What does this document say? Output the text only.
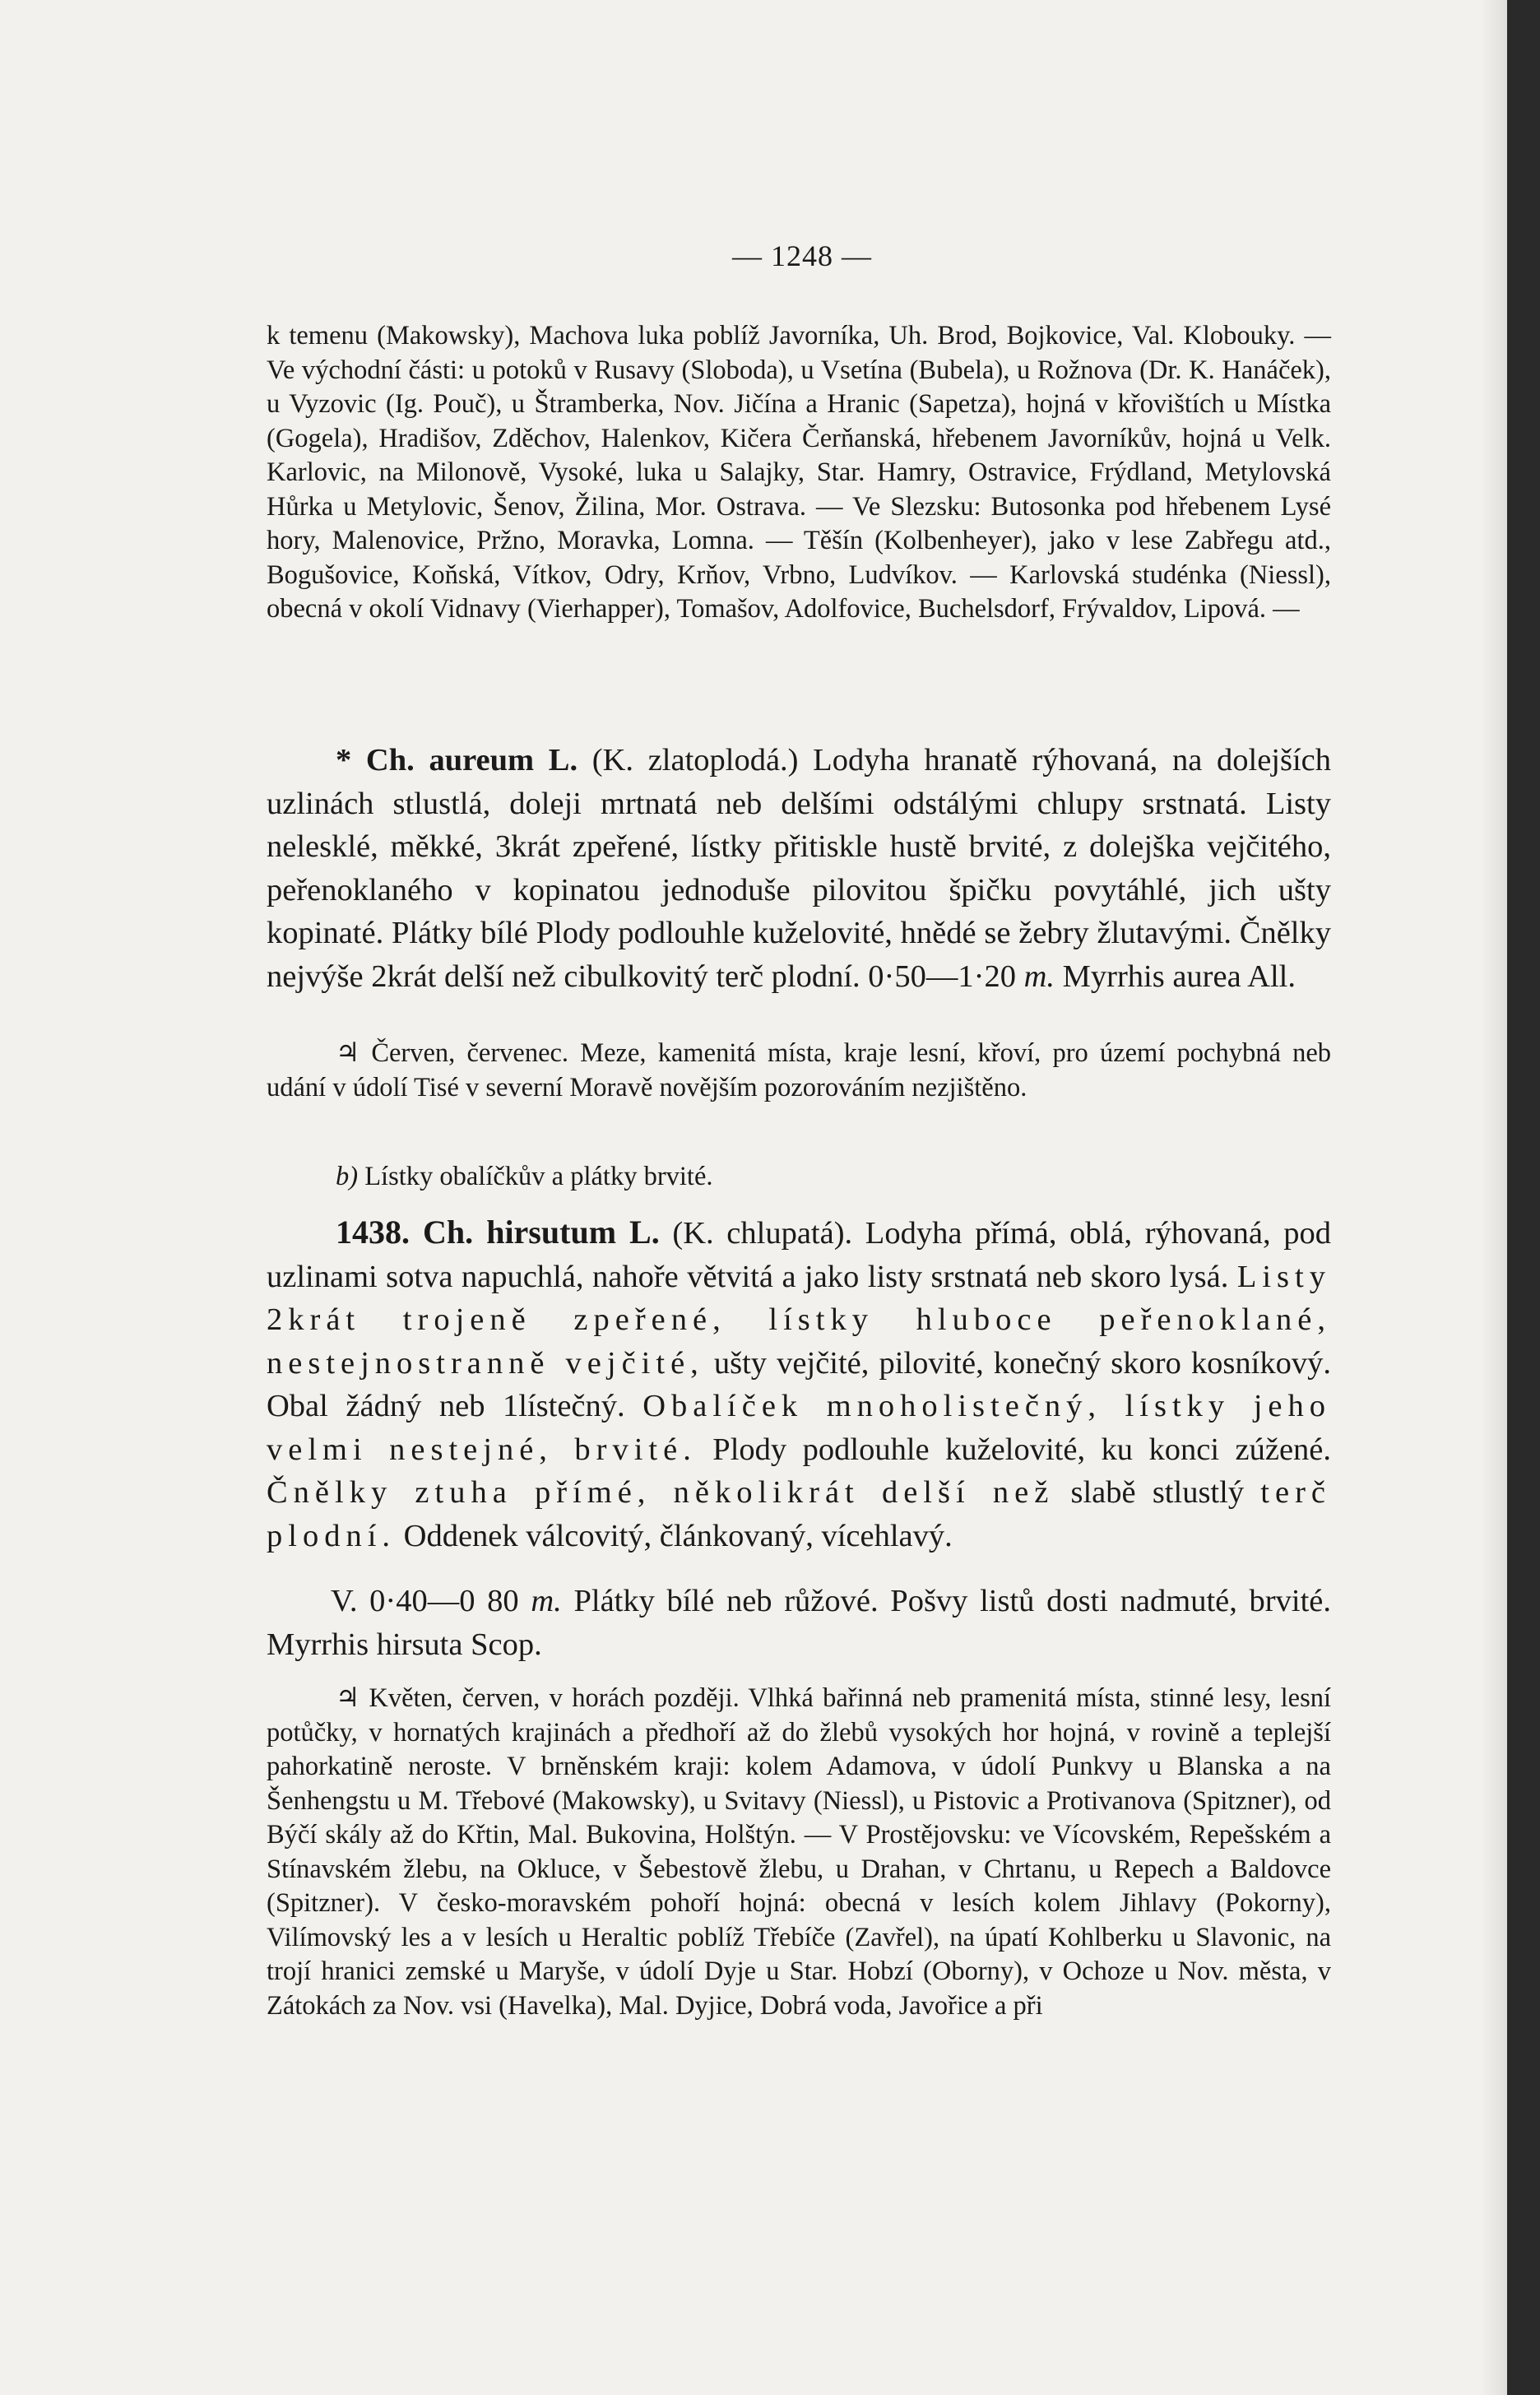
— 1248 —

k temenu (Makowsky), Machova luka poblíž Javorníka, Uh. Brod, Bojkovice, Val. Klobouky. — Ve východní části: u potoků v Rusavy (Sloboda), u Vsetína (Bubela), u Rožnova (Dr. K. Hanáček), u Vyzovic (Ig. Pouč), u Štramberka, Nov. Jičína a Hranic (Sapetza), hojná v křovištích u Místka (Gogela), Hradišov, Zděchov, Halenkov, Kičera Čerňanská, hřebenem Javorníkův, hojná u Velk. Karlovic, na Milonově, Vysoké, luka u Salajky, Star. Hamry, Ostravice, Frýdland, Metylovská Hůrka u Metylovic, Šenov, Žilina, Mor. Ostrava. — Ve Slezsku: Butosonka pod hřebenem Lysé hory, Malenovice, Pržno, Moravka, Lomna. — Těšín (Kolbenheyer), jako v lese Zabřegu atd., Bogušovice, Koňská, Vítkov, Odry, Krňov, Vrbno, Ludvíkov. — Karlovská studénka (Niessl), obecná v okolí Vidnavy (Vierhapper), Tomašov, Adolfovice, Buchelsdorf, Frývaldov, Lipová. —

* Ch. aureum L. (K. zlatoplodá.) Lodyha hranatě rýhovaná, na dolejších uzlinách stlustlá, doleji mrtnatá neb delšími odstálými chlupy srstnatá. Listy nelesklé, měkké, 3krát zpeřené, lístky přitiskle hustě brvité, z dolejška vejčitého, peřenoklaného v kopinatou jednoduše pilovitou špičku povytáhlé, jich ušty kopinaté. Plátky bílé Plody podlouhle kuželovité, hnědé se žebry žlutavými. Čnělky nejvýše 2krát delší než cibulkovitý terč plodní. 0·50—1·20 m. Myrrhis aurea All.

♃ Červen, červenec. Meze, kamenitá místa, kraje lesní, křoví, pro území pochybná neb udání v údolí Tisé v severní Moravě novějším pozorováním nezjištěno.

b) Lístky obalíčkův a plátky brvité.

1438. Ch. hirsutum L. (K. chlupatá). Lodyha přímá, oblá, rýhovaná, pod uzlinami sotva napuchlá, nahoře větvitá a jako listy srstnatá neb skoro lysá. Listy 2krát trojeně zpeřené, lístky hluboce peřenoklané, nestejnostranně vejčité, ušty vejčité, pilovité, konečný skoro kosníkový. Obal žádný neb 1lístečný. Obalíček mnoholistečný, lístky jeho velmi nestejné, brvité. Plody podlouhle kuželovité, ku konci zúžené. Čnělky ztuha přímé, několikrát delší než slabě stlustlý terč plodní. Oddenek válcovitý, článkovaný, vícehlavý.

V. 0·40—0 80 m. Plátky bílé neb růžové. Pošvy listů dosti nadmuté, brvité. Myrrhis hirsuta Scop.

♃ Květen, červen, v horách později. Vlhká bařinná neb pramenitá místa, stinné lesy, lesní potůčky, v hornatých krajinách a předhoří až do žlebů vysokých hor hojná, v rovině a teplejší pahorkatině neroste. V brněnském kraji: kolem Adamova, v údolí Punkvy u Blanska a na Šenhengstu u M. Třebové (Makowsky), u Svitavy (Niessl), u Pistovic a Protivanova (Spitzner), od Býčí skály až do Křtin, Mal. Bukovina, Holštýn. — V Prostějovsku: ve Vícovském, Repešském a Stínavském žlebu, na Okluce, v Šebestově žlebu, u Drahan, v Chrtanu, u Repech a Baldovce (Spitzner). V česko-moravském pohoří hojná: obecná v lesích kolem Jihlavy (Pokorny), Vilímovský les a v lesích u Heraltic poblíž Třebíče (Zavřel), na úpatí Kohlberku u Slavonic, na trojí hranici zemské u Maryše, v údolí Dyje u Star. Hobzí (Oborny), v Ochoze u Nov. města, v Zátokách za Nov. vsi (Havelka), Mal. Dyjice, Dobrá voda, Javořice a při
